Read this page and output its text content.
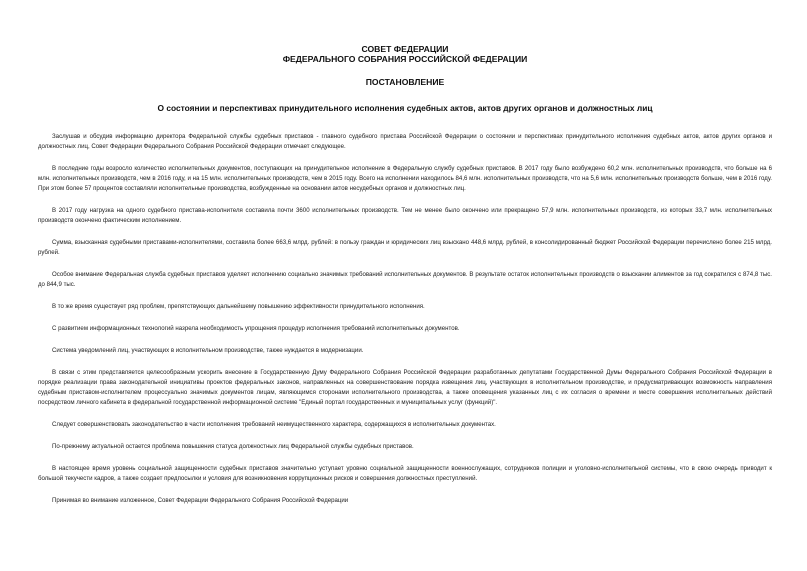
СОВЕТ ФЕДЕРАЦИИ
ФЕДЕРАЛЬНОГО СОБРАНИЯ РОССИЙСКОЙ ФЕДЕРАЦИИ
ПОСТАНОВЛЕНИЕ
О состоянии и перспективах принудительного исполнения судебных актов, актов других органов и должностных лиц

Заслушав и обсудив информацию директора Федеральной службы судебных приставов - главного судебного пристава Российской Федерации о состоянии и перспективах принудительного исполнения судебных актов, актов других органов и должностных лиц, Совет Федерации Федерального Собрания Российской Федерации отмечает следующее.

В последние годы возросло количество исполнительных документов, поступающих на принудительное исполнение в Федеральную службу судебных приставов. В 2017 году было возбуждено 60,2 млн. исполнительных производств, что больше на 6 млн. исполнительных производств, чем в 2016 году, и на 15 млн. исполнительных производств, чем в 2015 году. Всего на исполнении находилось 84,6 млн. исполнительных производств, что на 5,6 млн. исполнительных производств больше, чем в 2016 году. При этом более 57 процентов составляли исполнительные производства, возбужденные на основании актов несудебных органов и должностных лиц.

В 2017 году нагрузка на одного судебного пристава-исполнителя составила почти 3600 исполнительных производств. Тем не менее было окончено или прекращено 57,9 млн. исполнительных производств, из которых 33,7 млн. исполнительных производств окончено фактическим исполнением.

Сумма, взысканная судебными приставами-исполнителями, составила более 663,6 млрд. рублей: в пользу граждан и юридических лиц взыскано 448,6 млрд. рублей, в консолидированный бюджет Российской Федерации перечислено более 215 млрд. рублей.

Особое внимание Федеральная служба судебных приставов уделяет исполнению социально значимых требований исполнительных документов. В результате остаток исполнительных производств о взыскании алиментов за год сократился с 874,8 тыс. до 844,9 тыс.

В то же время существует ряд проблем, препятствующих дальнейшему повышению эффективности принудительного исполнения.

С развитием информационных технологий назрела необходимость упрощения процедур исполнения требований исполнительных документов.

Система уведомлений лиц, участвующих в исполнительном производстве, также нуждается в модернизации.

В связи с этим представляется целесообразным ускорить внесение в Государственную Думу Федерального Собрания Российской Федерации разработанных депутатами Государственной Думы Федерального Собрания Российской Федерации в порядке реализации права законодательной инициативы проектов федеральных законов, направленных на совершенствование порядка извещения лиц, участвующих в исполнительном производстве, и предусматривающих возможность направления судебным приставом-исполнителем процессуально значимых документов лицам, являющимся сторонами исполнительного производства, а также оповещения указанных лиц с их согласия о времени и месте совершения исполнительных действий посредством личного кабинета в федеральной государственной информационной системе "Единый портал государственных и муниципальных услуг (функций)".

Следует совершенствовать законодательство в части исполнения требований неимущественного характера, содержащихся в исполнительных документах.

По-прежнему актуальной остается проблема повышения статуса должностных лиц Федеральной службы судебных приставов.

В настоящее время уровень социальной защищенности судебных приставов значительно уступает уровню социальной защищенности военнослужащих, сотрудников полиции и уголовно-исполнительной системы, что в свою очередь приводит к большой текучести кадров, а также создает предпосылки и условия для возникновения коррупционных рисков и совершения должностных преступлений.

Принимая во внимание изложенное, Совет Федерации Федерального Собрания Российской Федерации
